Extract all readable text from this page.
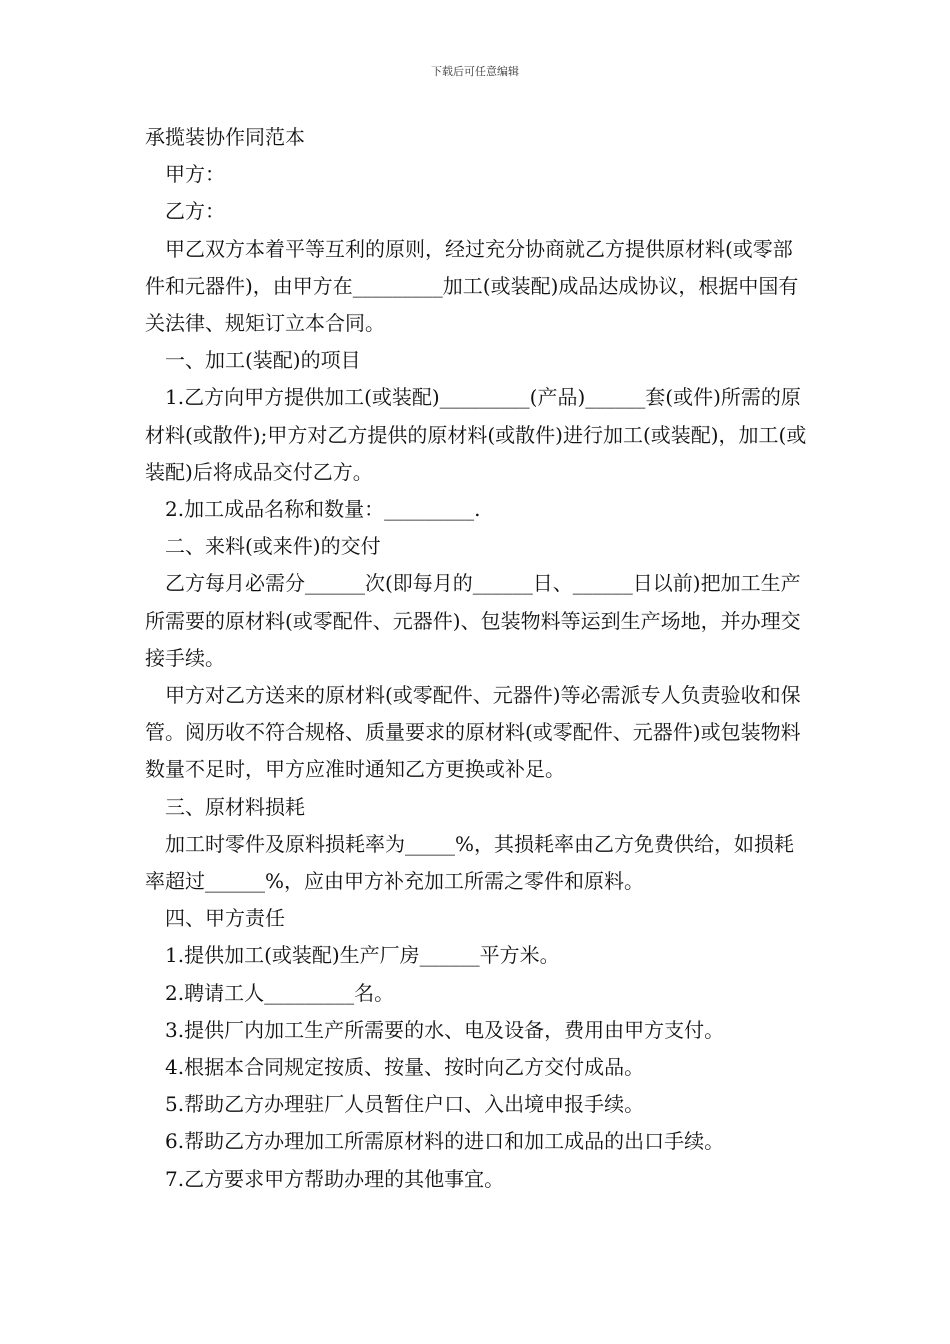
下载后可任意编辑

承揽装协作同范本

甲方：

乙方：

甲乙双方本着平等互利的原则，经过充分协商就乙方提供原材料(或零部件和元器件)，由甲方在_________加工(或装配)成品达成协议，根据中国有关法律、规矩订立本合同。

一、加工(装配)的项目

1.乙方向甲方提供加工(或装配)_________(产品)______套(或件)所需的原材料(或散件);甲方对乙方提供的原材料(或散件)进行加工(或装配)，加工(或装配)后将成品交付乙方。

2.加工成品名称和数量：_________.

二、来料(或来件)的交付

乙方每月必需分______次(即每月的______日、______日以前)把加工生产所需要的原材料(或零配件、元器件)、包装物料等运到生产场地，并办理交接手续。

甲方对乙方送来的原材料(或零配件、元器件)等必需派专人负责验收和保管。阅历收不符合规格、质量要求的原材料(或零配件、元器件)或包装物料数量不足时，甲方应准时通知乙方更换或补足。

三、原材料损耗

加工时零件及原料损耗率为_____%，其损耗率由乙方免费供给，如损耗率超过______%，应由甲方补充加工所需之零件和原料。

四、甲方责任

1.提供加工(或装配)生产厂房______平方米。

2.聘请工人_________名。

3.提供厂内加工生产所需要的水、电及设备，费用由甲方支付。

4.根据本合同规定按质、按量、按时向乙方交付成品。

5.帮助乙方办理驻厂人员暂住户口、入出境申报手续。

6.帮助乙方办理加工所需原材料的进口和加工成品的出口手续。

7.乙方要求甲方帮助办理的其他事宜。
